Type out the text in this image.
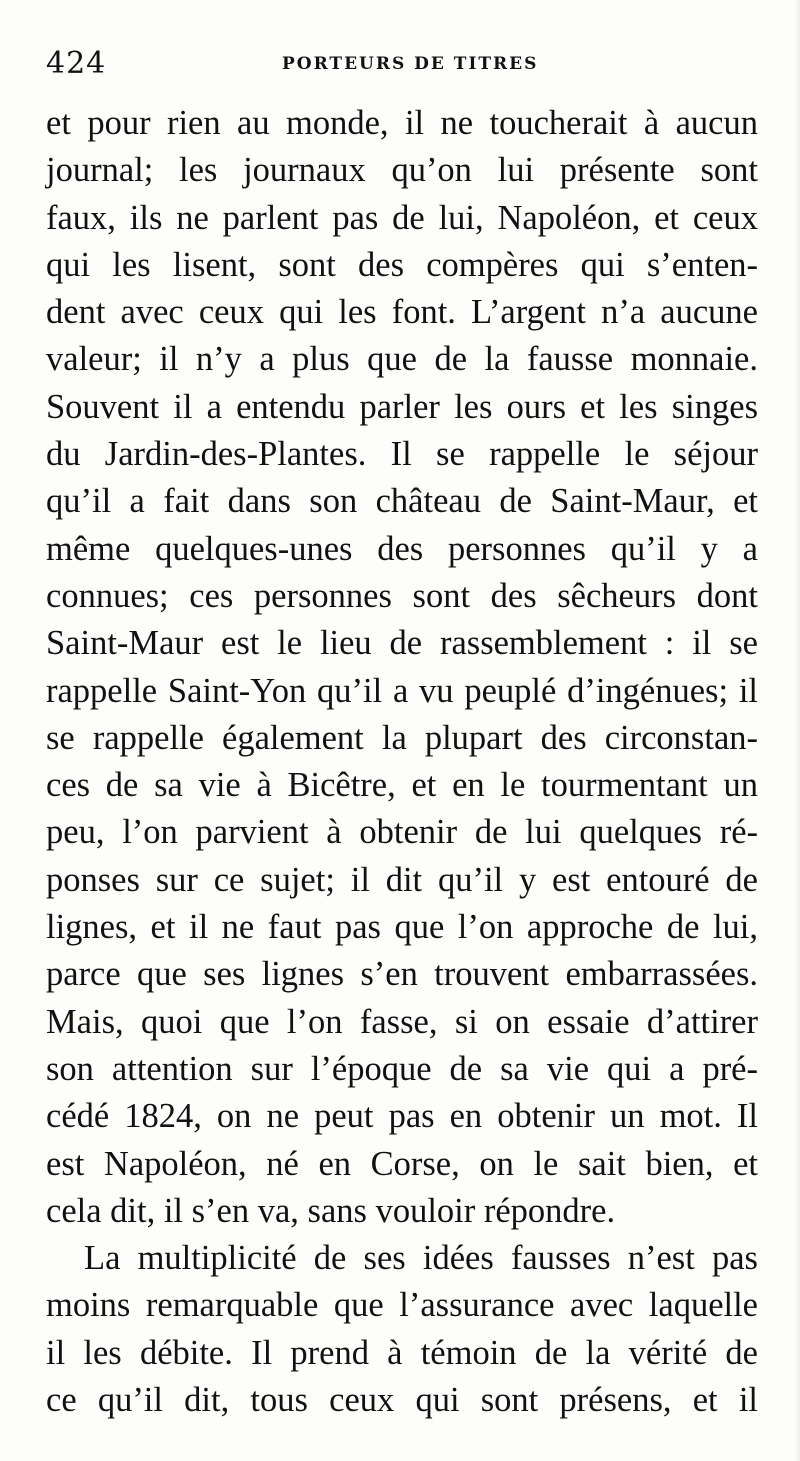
424	PORTEURS DE TITRES
et pour rien au monde, il ne toucherait à aucun
journal; les journaux qu’on lui présente sont
faux, ils ne parlent pas de lui, Napoléon, et ceux
qui les lisent, sont des compères qui s’enten-
dent avec ceux qui les font. L’argent n’a aucune
valeur; il n’y a plus que de la fausse monnaie.
Souvent il a entendu parler les ours et les singes
du Jardin-des-Plantes. Il se rappelle le séjour
qu’il a fait dans son château de Saint-Maur, et
même quelques-unes des personnes qu’il y a
connues; ces personnes sont des sêcheurs dont
Saint-Maur est le lieu de rassemblement : il se
rappelle Saint-Yon qu’il a vu peuplé d’ingénues; il
se rappelle également la plupart des circonstan-
ces de sa vie à Bicêtre, et en le tourmentant un
peu, l’on parvient à obtenir de lui quelques ré-
ponses sur ce sujet; il dit qu’il y est entouré de
lignes, et il ne faut pas que l’on approche de lui,
parce que ses lignes s’en trouvent embarrassées.
Mais, quoi que l’on fasse, si on essaie d’attirer
son attention sur l’époque de sa vie qui a pré-
cédé 1824, on ne peut pas en obtenir un mot. Il
est Napoléon, né en Corse, on le sait bien, et
cela dit, il s’en va, sans vouloir répondre.
La multiplicité de ses idées fausses n’est pas
moins remarquable que l’assurance avec laquelle
il les débite. Il prend à témoin de la vérité de
ce qu’il dit, tous ceux qui sont présens, et il
